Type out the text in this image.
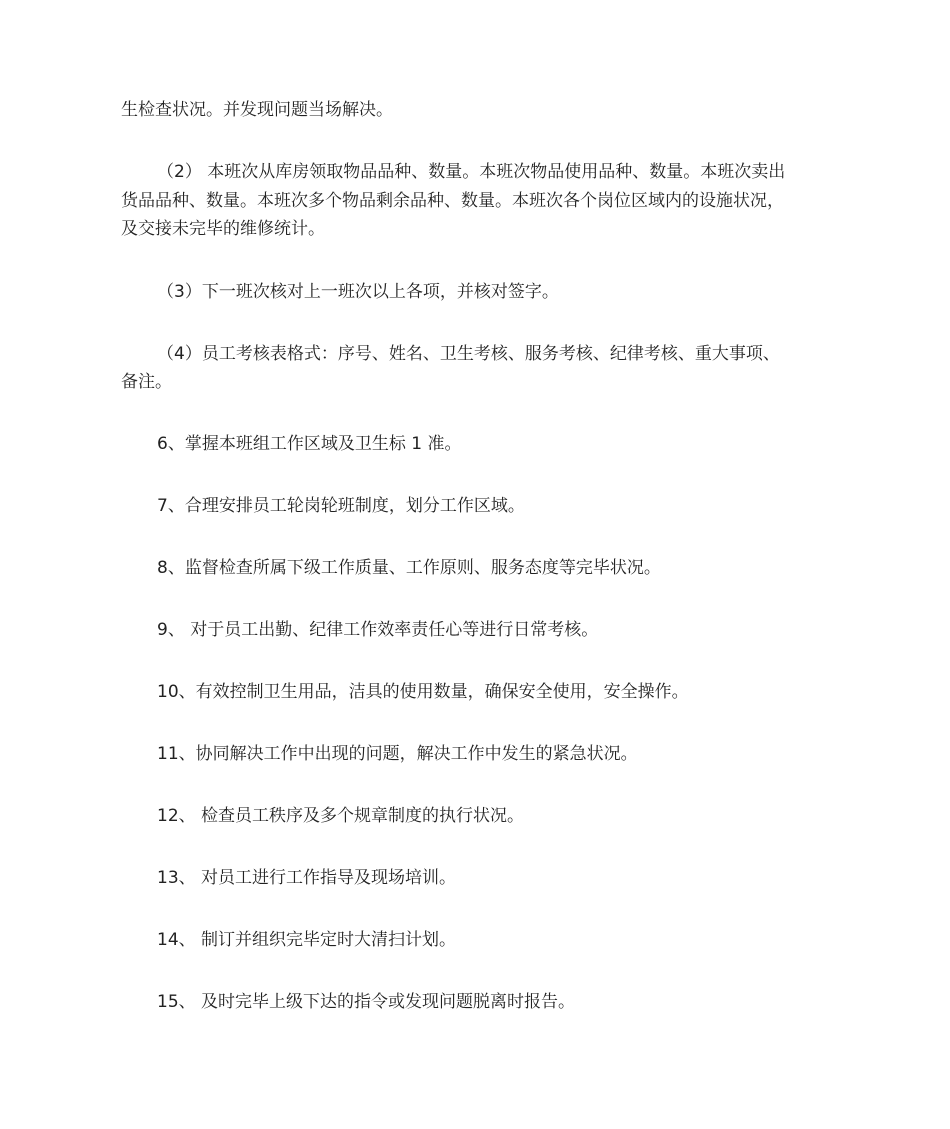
生检查状况。并发现问题当场解决。

（2） 本班次从库房领取物品品种、数量。本班次物品使用品种、数量。本班次卖出

货品品种、数量。本班次多个物品剩余品种、数量。本班次各个岗位区域内的设施状况，

及交接未完毕的维修统计。

（3）下一班次核对上一班次以上各项，并核对签字。

（4）员工考核表格式：序号、姓名、卫生考核、服务考核、纪律考核、重大事项、

备注。

6、掌握本班组工作区域及卫生标 1 准。

7、合理安排员工轮岗轮班制度，划分工作区域。

8、监督检查所属下级工作质量、工作原则、服务态度等完毕状况。

9、 对于员工出勤、纪律工作效率责任心等进行日常考核。

10、有效控制卫生用品，洁具的使用数量，确保安全使用，安全操作。

11、协同解决工作中出现的问题，解决工作中发生的紧急状况。

12、 检查员工秩序及多个规章制度的执行状况。

13、 对员工进行工作指导及现场培训。

14、 制订并组织完毕定时大清扫计划。

15、 及时完毕上级下达的指令或发现问题脱离时报告。
